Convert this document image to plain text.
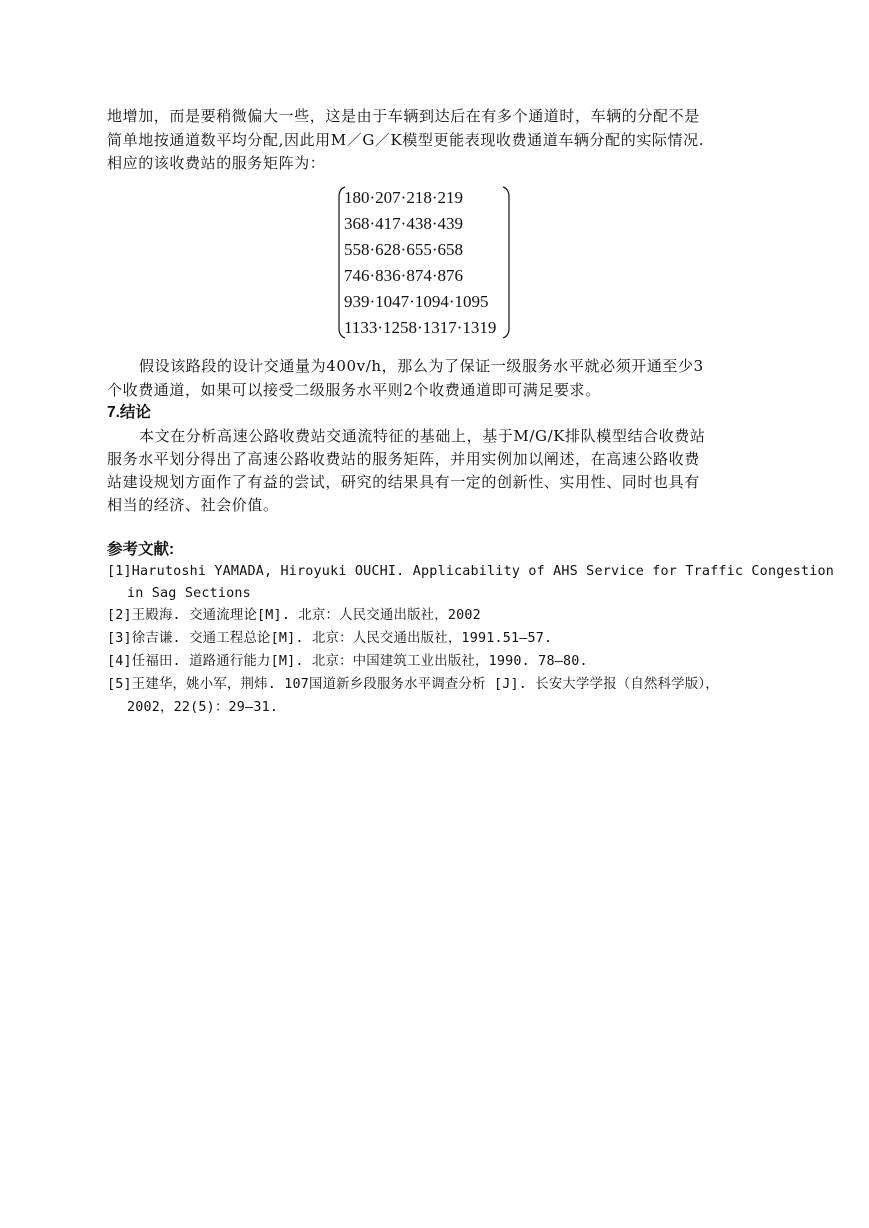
地增加，而是要稍微偏大一些，这是由于车辆到达后在有多个通道时，车辆的分配不是
简单地按通道数平均分配,因此用M／G／K模型更能表现收费通道车辆分配的实际情况.
相应的该收费站的服务矩阵为：
180·207·218·219
368·417·438·439
558·628·655·658
746·836·874·876
939·1047·1094·1095
1133·1258·1317·1319
假设该路段的设计交通量为400v/h，那么为了保证一级服务水平就必须开通至少3
个收费通道，如果可以接受二级服务水平则2个收费通道即可满足要求。
7.结论
本文在分析高速公路收费站交通流特征的基础上，基于M/G/K排队模型结合收费站
服务水平划分得出了高速公路收费站的服务矩阵，并用实例加以阐述，在高速公路收费
站建设规划方面作了有益的尝试，研究的结果具有一定的创新性、实用性、同时也具有
相当的经济、社会价值。
参考文献:
[1]Harutoshi YAMADA, Hiroyuki OUCHI. Applicability of AHS Service for Traffic Congestion
in Sag Sections
[2]王殿海. 交通流理论[M]. 北京：人民交通出版社，2002
[3]徐吉谦. 交通工程总论[M]. 北京：人民交通出版社，1991.51—57.
[4]任福田. 道路通行能力[M]. 北京：中国建筑工业出版社，1990. 78—80.
[5]王建华，姚小军，荆炜. 107国道新乡段服务水平调查分析 [J]. 长安大学学报（自然科学版），
2002，22(5)：29—31.
